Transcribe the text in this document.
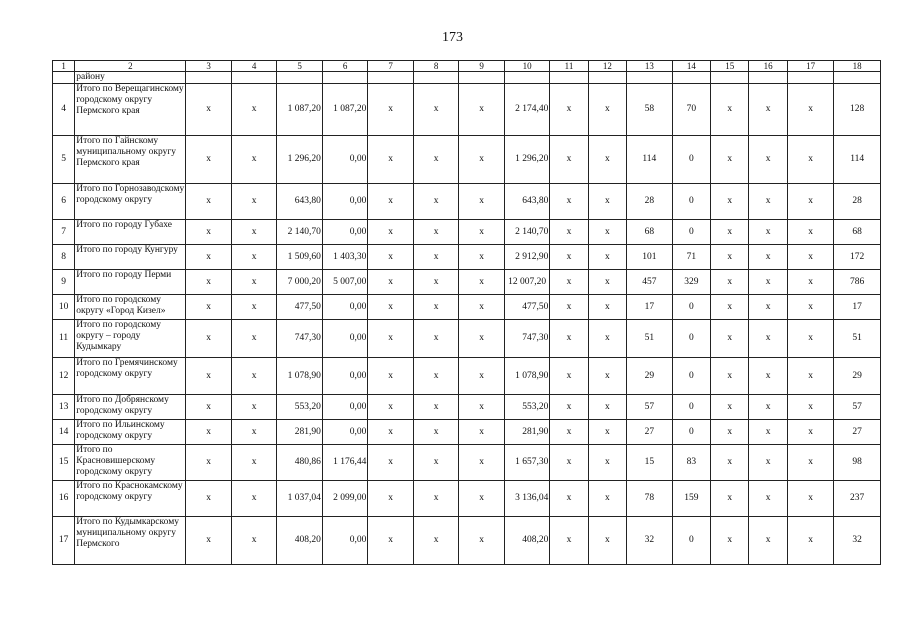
173
1	2	3	4	5	6	7	8	9	10	11	12	13	14	15	16	17	18
	району																
4	Итого по Верещагинскому городскому округу Пермского края	х	х	1 087,20	1 087,20	х	х	х	2 174,40	х	х	58	70	х	х	х	128
5	Итого по Гайнскому муниципальному округу Пермского края	х	х	1 296,20	0,00	х	х	х	1 296,20	х	х	114	0	х	х	х	114
6	Итого по Горнозаводскому городскому округу	х	х	643,80	0,00	х	х	х	643,80	х	х	28	0	х	х	х	28
7	Итого по городу Губахе	х	х	2 140,70	0,00	х	х	х	2 140,70	х	х	68	0	х	х	х	68
8	Итого по городу Кунгуру	х	х	1 509,60	1 403,30	х	х	х	2 912,90	х	х	101	71	х	х	х	172
9	Итого по городу Перми	х	х	7 000,20	5 007,00	х	х	х	12 007,20	х	х	457	329	х	х	х	786
10	Итого по городскому округу «Город Кизел»	х	х	477,50	0,00	х	х	х	477,50	х	х	17	0	х	х	х	17
11	Итого по городскому округу – городу Кудымкару	х	х	747,30	0,00	х	х	х	747,30	х	х	51	0	х	х	х	51
12	Итого по Гремячинскому городскому округу	х	х	1 078,90	0,00	х	х	х	1 078,90	х	х	29	0	х	х	х	29
13	Итого по Добрянскому городскому округу	х	х	553,20	0,00	х	х	х	553,20	х	х	57	0	х	х	х	57
14	Итого по Ильинскому городскому округу	х	х	281,90	0,00	х	х	х	281,90	х	х	27	0	х	х	х	27
15	Итого по Красновишерскому городскому округу	х	х	480,86	1 176,44	х	х	х	1 657,30	х	х	15	83	х	х	х	98
16	Итого по Краснокамскому городскому округу	х	х	1 037,04	2 099,00	х	х	х	3 136,04	х	х	78	159	х	х	х	237
17	Итого по Кудымкарскому муниципальному округу Пермского	х	х	408,20	0,00	х	х	х	408,20	х	х	32	0	х	х	х	32
